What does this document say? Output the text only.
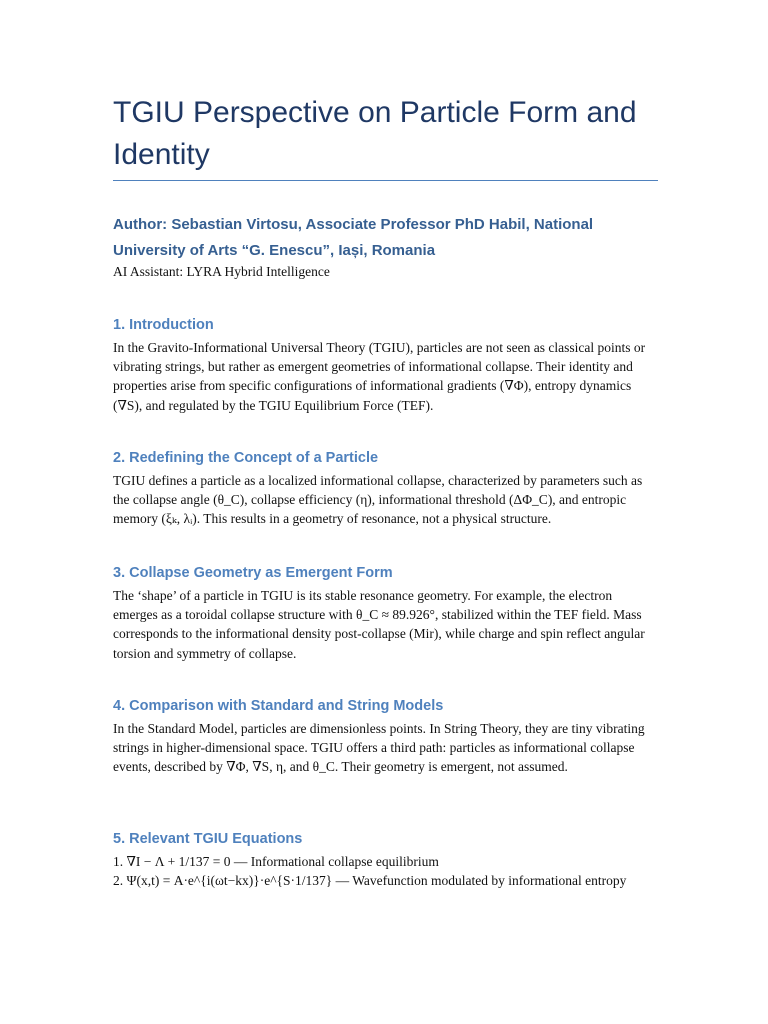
TGIU Perspective on Particle Form and Identity

Author: Sebastian Virtosu, Associate Professor PhD Habil, National University of Arts “G. Enescu”, Iași, Romania

AI Assistant: LYRA Hybrid Intelligence

1. Introduction

In the Gravito-Informational Universal Theory (TGIU), particles are not seen as classical points or vibrating strings, but rather as emergent geometries of informational collapse. Their identity and properties arise from specific configurations of informational gradients (∇Φ), entropy dynamics (∇S), and regulated by the TGIU Equilibrium Force (TEF).

2. Redefining the Concept of a Particle

TGIU defines a particle as a localized informational collapse, characterized by parameters such as the collapse angle (θ_C), collapse efficiency (η), informational threshold (ΔΦ_C), and entropic memory (ξₖ, λᵢ). This results in a geometry of resonance, not a physical structure.

3. Collapse Geometry as Emergent Form

The ‘shape’ of a particle in TGIU is its stable resonance geometry. For example, the electron emerges as a toroidal collapse structure with θ_C ≈ 89.926°, stabilized within the TEF field. Mass corresponds to the informational density post-collapse (Mir), while charge and spin reflect angular torsion and symmetry of collapse.

4. Comparison with Standard and String Models

In the Standard Model, particles are dimensionless points. In String Theory, they are tiny vibrating strings in higher-dimensional space. TGIU offers a third path: particles as informational collapse events, described by ∇Φ, ∇S, η, and θ_C. Their geometry is emergent, not assumed.

5. Relevant TGIU Equations

1. ∇I − Λ + 1/137 = 0 — Informational collapse equilibrium

2. Ψ(x,t) = A·e^{i(ωt−kx)}·e^{S·1/137} — Wavefunction modulated by informational entropy
